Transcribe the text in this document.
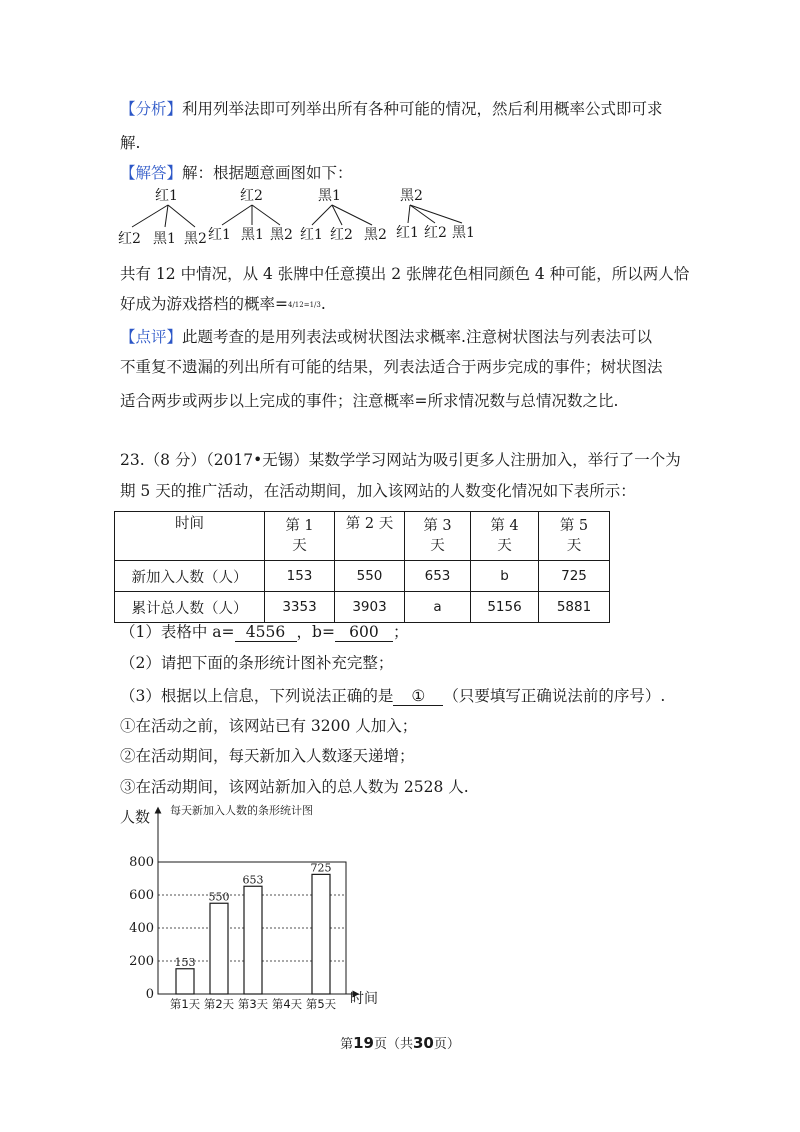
【分析】利用列举法即可列举出所有各种可能的情况，然后利用概率公式即可求
解.
【解答】解：根据题意画图如下：
红1
红2 黑1 黑2
红2
红1 黑1 黑2
黑1
红1 红2 黑2
黑2
红1 红2 黑1
共有 12 中情况，从 4 张牌中任意摸出 2 张牌花色相同颜色 4 种可能，所以两人恰
好成为游戏搭档的概率=4/12=1/3.
【点评】此题考查的是用列表法或树状图法求概率.注意树状图法与列表法可以
不重复不遗漏的列出所有可能的结果，列表法适合于两步完成的事件；树状图法
适合两步或两步以上完成的事件；注意概率=所求情况数与总情况数之比.
23.（8 分）（2017•无锡）某数学学习网站为吸引更多人注册加入，举行了一个为
期 5 天的推广活动，在活动期间，加入该网站的人数变化情况如下表所示：
时间	第 1 天	第 2 天	第 3 天	第 4 天	第 5 天
新加入人数（人）	153	550	653	b	725
累计总人数（人）	3353	3903	a	5156	5881
（1）表格中 a= 4556 ，b= 600 ；
（2）请把下面的条形统计图补充完整；
（3）根据以上信息，下列说法正确的是 ① （只要填写正确说法前的序号）.
①在活动之前，该网站已有 3200 人加入；
②在活动期间，每天新加入人数逐天递增；
③在活动期间，该网站新加入的总人数为 2528 人.
人数 每天新加入人数的条形统计图
0
200
400
600
800
153
550
653
725
第1天 第2天 第3天 第4天 第5天 时间
第19页（共30页）
